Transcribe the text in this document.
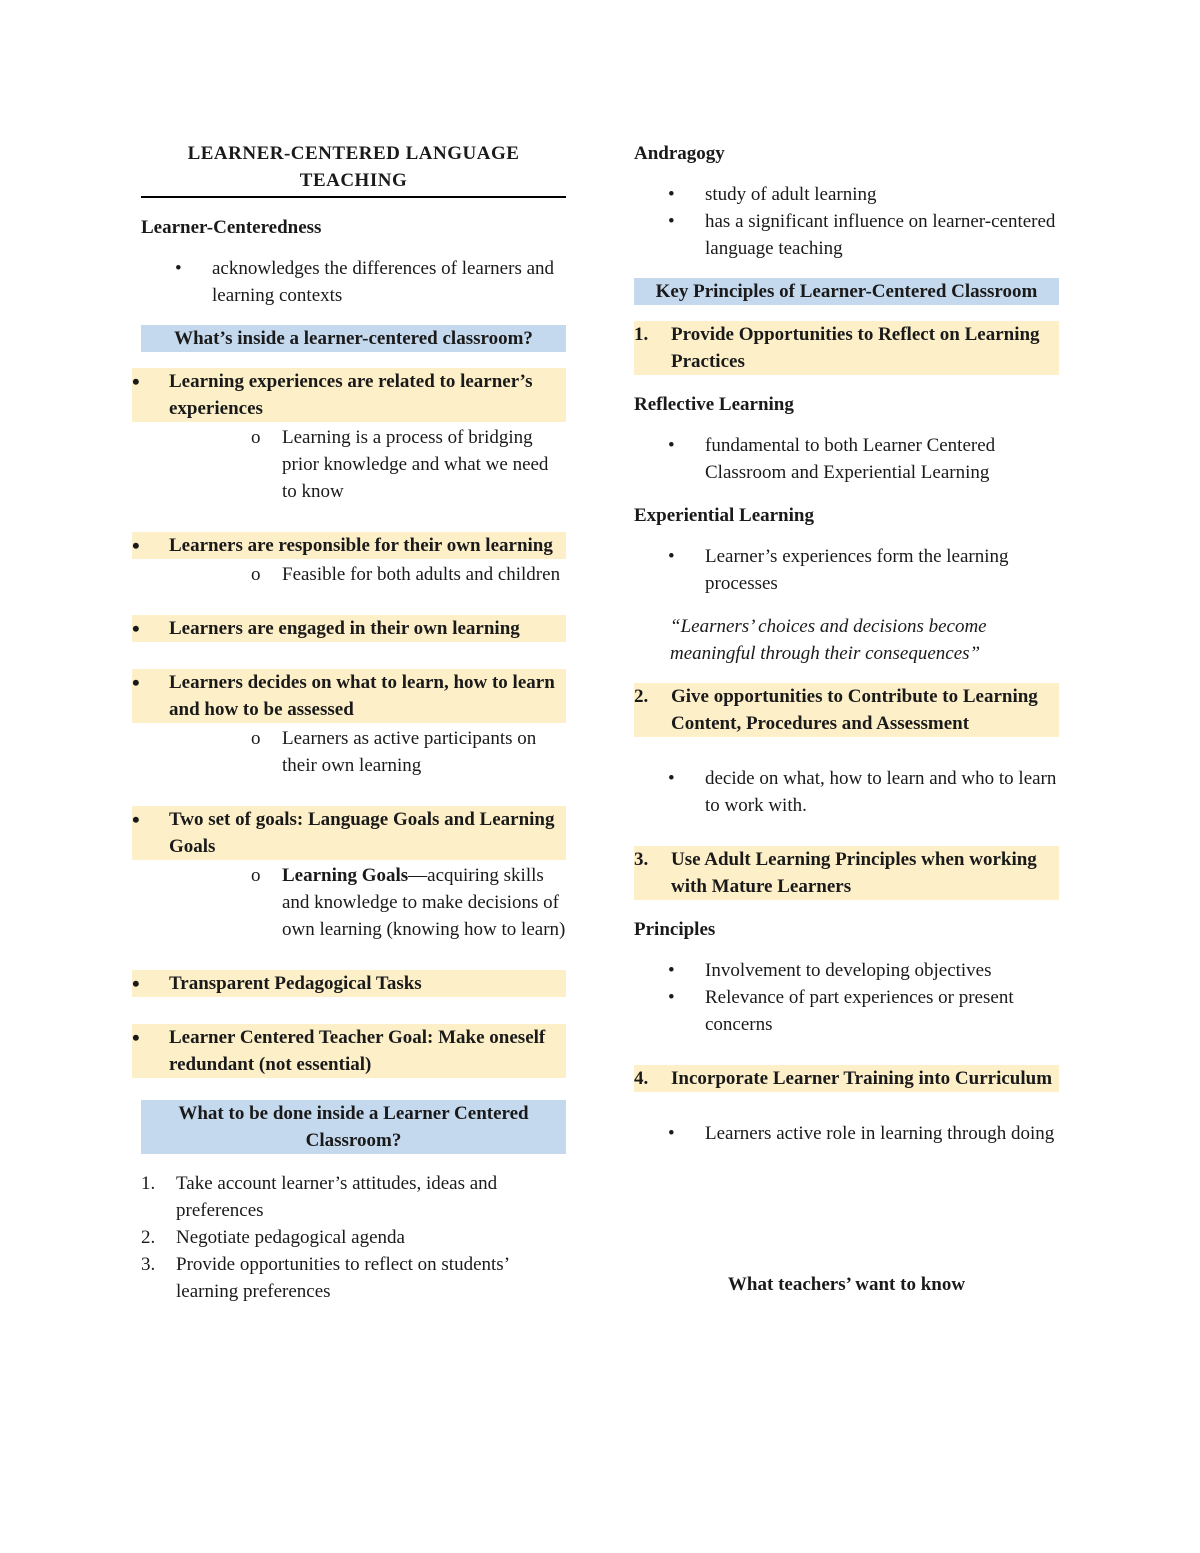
LEARNER-CENTERED LANGUAGE TEACHING
Learner-Centeredness
• acknowledges the differences of learners and learning contexts
What’s inside a learner-centered classroom?
• Learning experiences are related to learner’s experiences
o Learning is a process of bridging prior knowledge and what we need to know
• Learners are responsible for their own learning
o Feasible for both adults and children
• Learners are engaged in their own learning
• Learners decides on what to learn, how to learn and how to be assessed
o Learners as active participants on their own learning
• Two set of goals: Language Goals and Learning Goals
o Learning Goals—acquiring skills and knowledge to make decisions of own learning (knowing how to learn)
• Transparent Pedagogical Tasks
• Learner Centered Teacher Goal: Make oneself redundant (not essential)
What to be done inside a Learner Centered Classroom?
1. Take account learner’s attitudes, ideas and preferences
2. Negotiate pedagogical agenda
3. Provide opportunities to reflect on students’ learning preferences
Andragogy
• study of adult learning
• has a significant influence on learner-centered language teaching
Key Principles of Learner-Centered Classroom
1. Provide Opportunities to Reflect on Learning Practices
Reflective Learning
• fundamental to both Learner Centered Classroom and Experiential Learning
Experiential Learning
• Learner’s experiences form the learning processes
“Learners’ choices and decisions become meaningful through their consequences”
2. Give opportunities to Contribute to Learning Content, Procedures and Assessment
• decide on what, how to learn and who to learn to work with.
3. Use Adult Learning Principles when working with Mature Learners
Principles
• Involvement to developing objectives
• Relevance of part experiences or present concerns
4. Incorporate Learner Training into Curriculum
• Learners active role in learning through doing
What teachers’ want to know
